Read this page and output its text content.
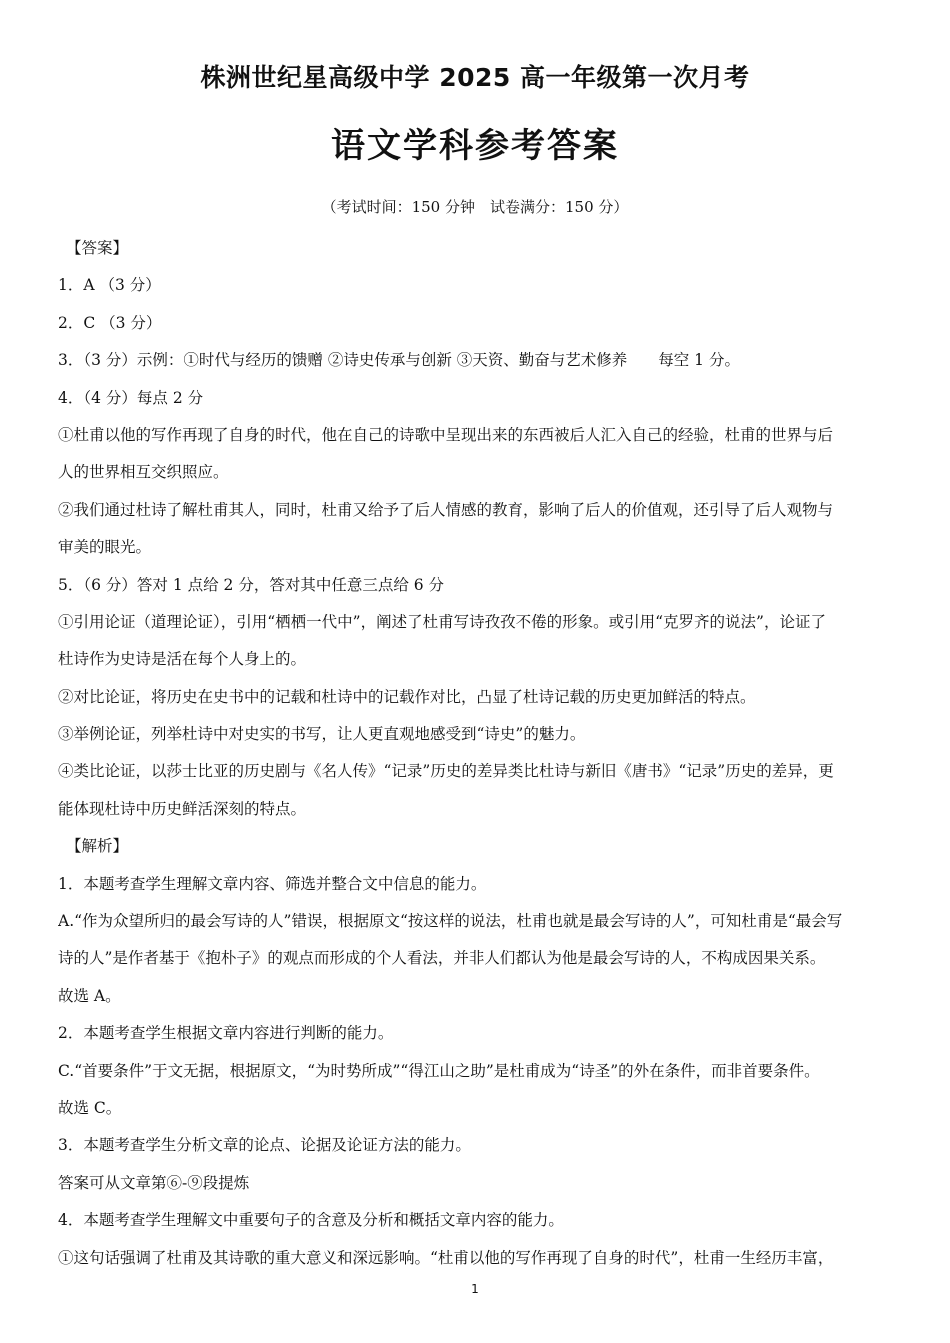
株洲世纪星高级中学 2025 高一年级第一次月考
语文学科参考答案
（考试时间：150 分钟　试卷满分：150 分）
【答案】
1．A （3 分）
2．C （3 分）
3．（3 分）示例：①时代与经历的馈赠 ②诗史传承与创新 ③天资、勤奋与艺术修养　　每空 1 分。
4．（4 分）每点 2 分
①杜甫以他的写作再现了自身的时代，他在自己的诗歌中呈现出来的东西被后人汇入自己的经验，杜甫的世界与后
人的世界相互交织照应。
②我们通过杜诗了解杜甫其人，同时，杜甫又给予了后人情感的教育，影响了后人的价值观，还引导了后人观物与
审美的眼光。
5．（6 分）答对 1 点给 2 分，答对其中任意三点给 6 分
①引用论证（道理论证），引用“栖栖一代中”，阐述了杜甫写诗孜孜不倦的形象。或引用“克罗齐的说法”，论证了
杜诗作为史诗是活在每个人身上的。
②对比论证，将历史在史书中的记载和杜诗中的记载作对比，凸显了杜诗记载的历史更加鲜活的特点。
③举例论证，列举杜诗中对史实的书写，让人更直观地感受到“诗史”的魅力。
④类比论证，以莎士比亚的历史剧与《名人传》“记录”历史的差异类比杜诗与新旧《唐书》“记录”历史的差异，更
能体现杜诗中历史鲜活深刻的特点。
【解析】
1．本题考查学生理解文章内容、筛选并整合文中信息的能力。
A.“作为众望所归的最会写诗的人”错误，根据原文“按这样的说法，杜甫也就是最会写诗的人”，可知杜甫是“最会写
诗的人”是作者基于《抱朴子》的观点而形成的个人看法，并非人们都认为他是最会写诗的人，不构成因果关系。
故选 A。
2．本题考查学生根据文章内容进行判断的能力。
C.“首要条件”于文无据，根据原文，“为时势所成”“得江山之助”是杜甫成为“诗圣”的外在条件，而非首要条件。
故选 C。
3．本题考查学生分析文章的论点、论据及论证方法的能力。
答案可从文章第⑥-⑨段提炼
4．本题考查学生理解文中重要句子的含意及分析和概括文章内容的能力。
①这句话强调了杜甫及其诗歌的重大意义和深远影响。“杜甫以他的写作再现了自身的时代”，杜甫一生经历丰富，
1
